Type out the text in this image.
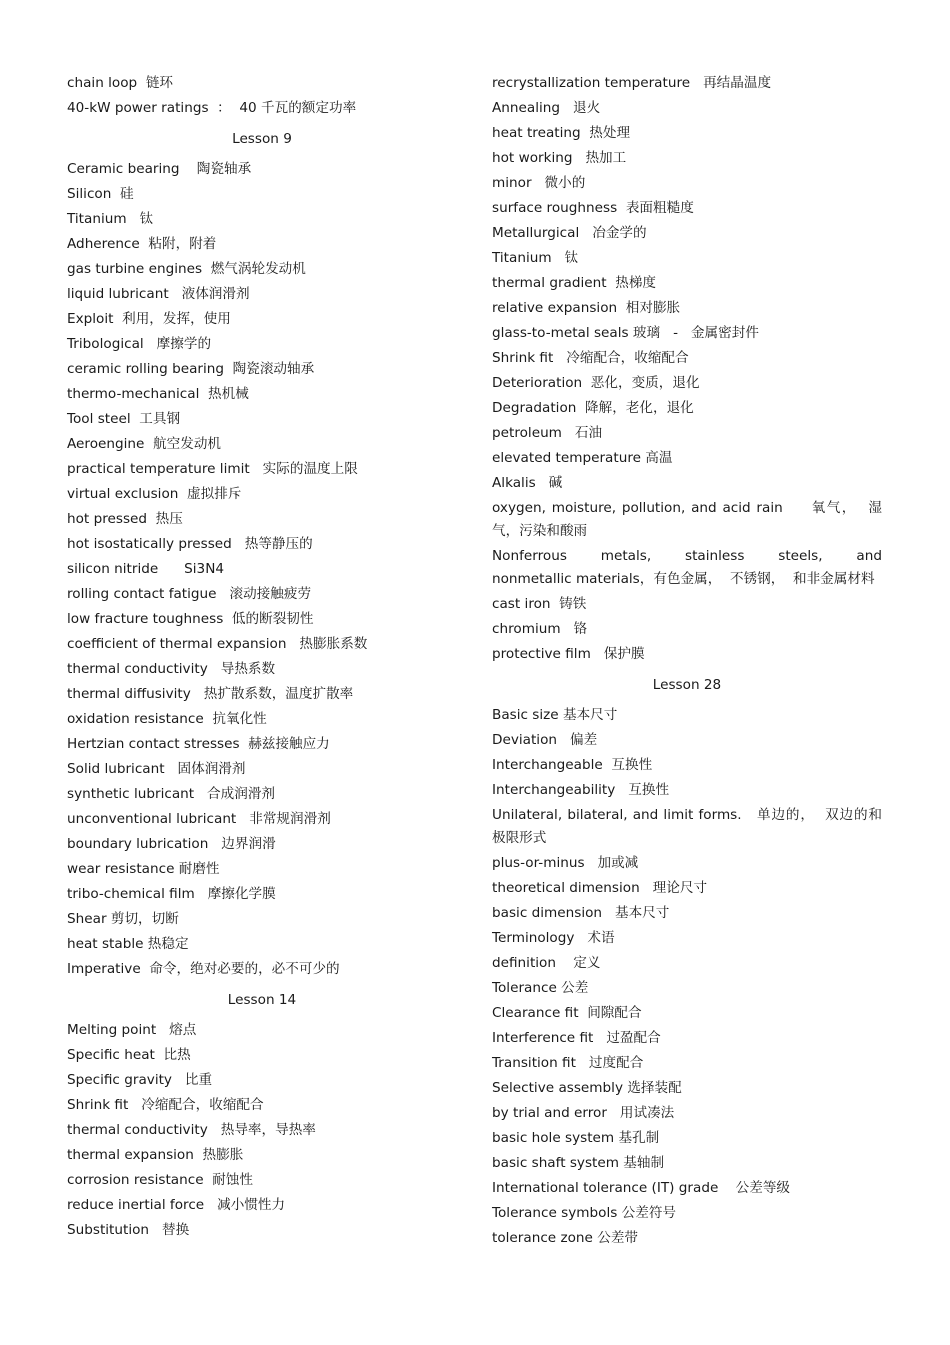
chain loop  链环
40-kW power ratings  ：  40 千瓦的额定功率
Lesson 9
Ceramic bearing    陶瓷轴承
Silicon  硅
Titanium   钛
Adherence  粘附，附着
gas turbine engines  燃气涡轮发动机
liquid lubricant   液体润滑剂
Exploit  利用，发挥，使用
Tribological   摩擦学的
ceramic rolling bearing  陶瓷滚动轴承
thermo-mechanical  热机械
Tool steel  工具钢
Aeroengine  航空发动机
practical temperature limit   实际的温度上限
virtual exclusion  虚拟排斥
hot pressed  热压
hot isostatically pressed   热等静压的
silicon nitride      Si3N4
rolling contact fatigue   滚动接触疲劳
low fracture toughness  低的断裂韧性
coefficient of thermal expansion   热膨胀系数
thermal conductivity   导热系数
thermal diffusivity   热扩散系数，温度扩散率
oxidation resistance  抗氧化性
Hertzian contact stresses  赫兹接触应力
Solid lubricant   固体润滑剂
synthetic lubricant   合成润滑剂
unconventional lubricant   非常规润滑剂
boundary lubrication   边界润滑
wear resistance 耐磨性
tribo-chemical film   摩擦化学膜
Shear 剪切，切断
heat stable 热稳定
Imperative  命令，绝对必要的，必不可少的
Lesson 14
Melting point   熔点
Specific heat  比热
Specific gravity   比重
Shrink fit   冷缩配合，收缩配合
thermal conductivity   热导率，导热率
thermal expansion  热膨胀
corrosion resistance  耐蚀性
reduce inertial force   减小惯性力
Substitution   替换
recrystallization temperature   再结晶温度
Annealing   退火
heat treating  热处理
hot working   热加工
minor   微小的
surface roughness  表面粗糙度
Metallurgical   冶金学的
Titanium   钛
thermal gradient  热梯度
relative expansion  相对膨胀
glass-to-metal seals 玻璃   -   金属密封件
Shrink fit   冷缩配合，收缩配合
Deterioration  恶化，变质，退化
Degradation  降解，老化，退化
petroleum   石油
elevated temperature 高温
Alkalis   碱
oxygen, moisture, pollution, and acid rain     氧气，  湿气，污染和酸雨
Nonferrous   metals,   stainless   steels,   and   nonmetallic materials，有色金属，  不锈钢，  和非金属材料
cast iron  铸铁
chromium   铬
protective film   保护膜
Lesson 28
Basic size 基本尺寸
Deviation   偏差
Interchangeable  互换性
Interchangeability   互换性
Unilateral, bilateral, and limit forms.   单边的，  双边的和极限形式
plus-or-minus   加或减
theoretical dimension   理论尺寸
basic dimension   基本尺寸
Terminology   术语
definition    定义
Tolerance 公差
Clearance fit  间隙配合
Interference fit   过盈配合
Transition fit   过度配合
Selective assembly 选择装配
by trial and error   用试凑法
basic hole system 基孔制
basic shaft system 基轴制
International tolerance (IT) grade    公差等级
Tolerance symbols 公差符号
tolerance zone 公差带
